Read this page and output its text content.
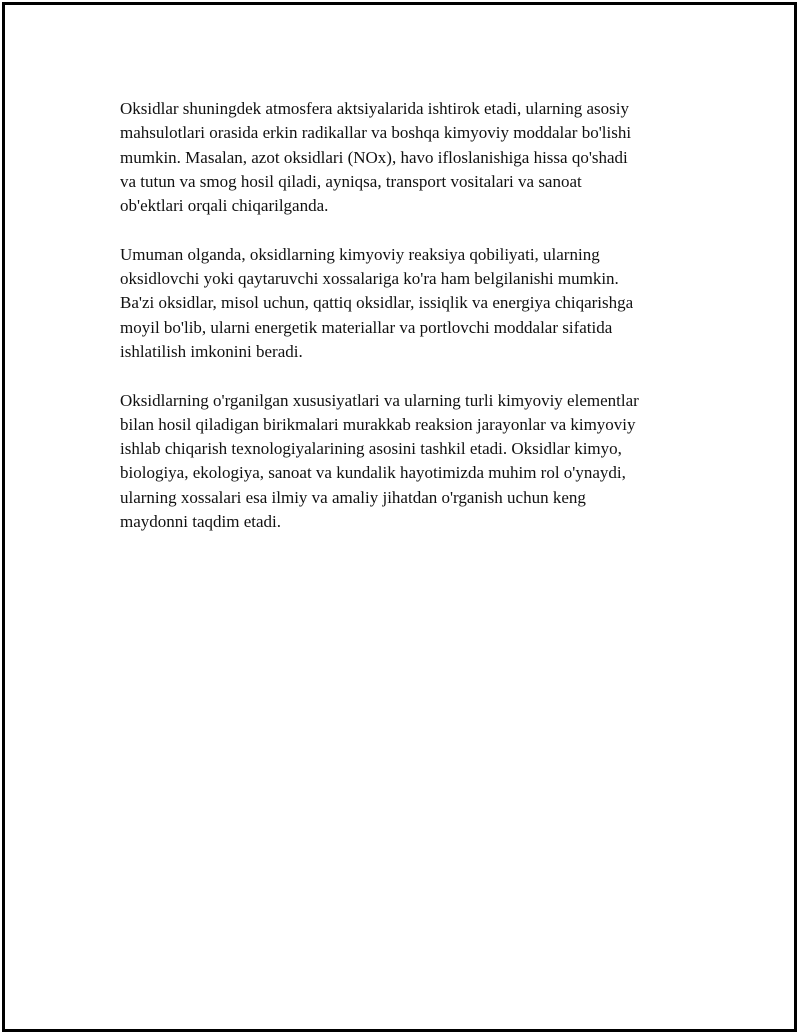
Oksidlar shuningdek atmosfera aktsiyalarida ishtirok etadi, ularning asosiy
mahsulotlari orasida erkin radikallar va boshqa kimyoviy moddalar bo'lishi
mumkin. Masalan, azot oksidlari (NOx), havo ifloslanishiga hissa qo'shadi
va tutun va smog hosil qiladi, ayniqsa, transport vositalari va sanoat
ob'ektlari orqali chiqarilganda.

Umuman olganda, oksidlarning kimyoviy reaksiya qobiliyati, ularning
oksidlovchi yoki qaytaruvchi xossalariga ko'ra ham belgilanishi mumkin.
Ba'zi oksidlar, misol uchun, qattiq oksidlar, issiqlik va energiya chiqarishga
moyil bo'lib, ularni energetik materiallar va portlovchi moddalar sifatida
ishlatilish imkonini beradi.

Oksidlarning o'rganilgan xususiyatlari va ularning turli kimyoviy elementlar
bilan hosil qiladigan birikmalari murakkab reaksion jarayonlar va kimyoviy
ishlab chiqarish texnologiyalarining asosini tashkil etadi. Oksidlar kimyo,
biologiya, ekologiya, sanoat va kundalik hayotimizda muhim rol o'ynaydi,
ularning xossalari esa ilmiy va amaliy jihatdan o'rganish uchun keng
maydonni taqdim etadi.
